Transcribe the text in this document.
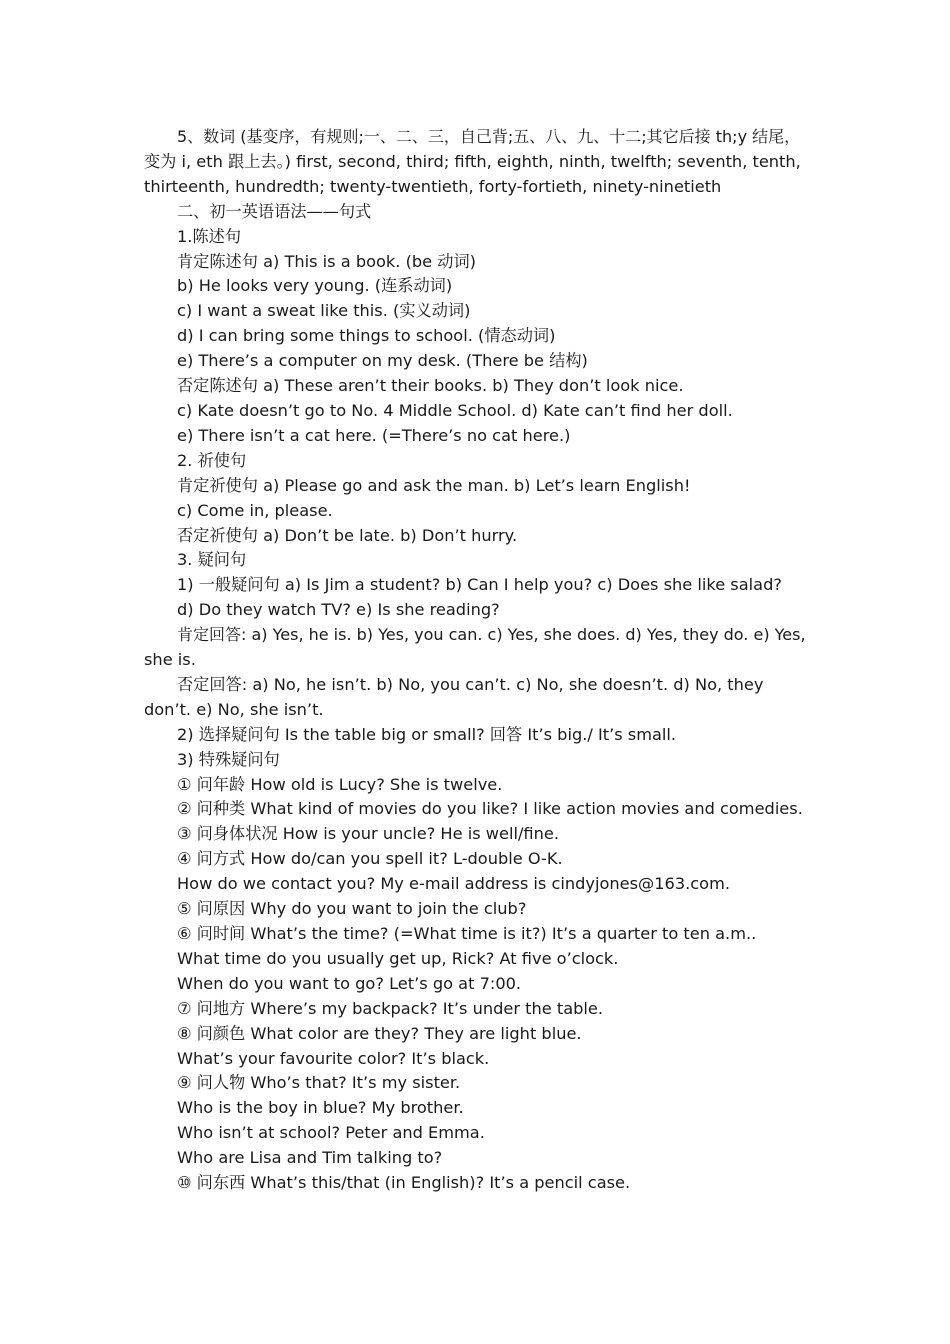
5、数词 (基变序，有规则;一、二、三，自己背;五、八、九、十二;其它后接 th;y 结尾，
变为 i, eth 跟上去。) first, second, third; fifth, eighth, ninth, twelfth; seventh, tenth,
thirteenth, hundredth; twenty-twentieth, forty-fortieth, ninety-ninetieth
二、初一英语语法——句式
1.陈述句
肯定陈述句 a) This is a book. (be 动词)
b) He looks very young. (连系动词)
c) I want a sweat like this. (实义动词)
d) I can bring some things to school. (情态动词)
e) There’s a computer on my desk. (There be 结构)
否定陈述句 a) These aren’t their books. b) They don’t look nice.
c) Kate doesn’t go to No. 4 Middle School. d) Kate can’t find her doll.
e) There isn’t a cat here. (=There’s no cat here.)
2. 祈使句
肯定祈使句 a) Please go and ask the man. b) Let’s learn English!
c) Come in, please.
否定祈使句 a) Don’t be late. b) Don’t hurry.
3. 疑问句
1) 一般疑问句 a) Is Jim a student? b) Can I help you? c) Does she like salad?
d) Do they watch TV? e) Is she reading?
肯定回答: a) Yes, he is. b) Yes, you can. c) Yes, she does. d) Yes, they do. e) Yes,
she is.
否定回答: a) No, he isn’t. b) No, you can’t. c) No, she doesn’t. d) No, they
don’t. e) No, she isn’t.
2) 选择疑问句 Is the table big or small? 回答 It’s big./ It’s small.
3) 特殊疑问句
① 问年龄 How old is Lucy? She is twelve.
② 问种类 What kind of movies do you like? I like action movies and comedies.
③ 问身体状况 How is your uncle? He is well/fine.
④ 问方式 How do/can you spell it? L-double O-K.
How do we contact you? My e-mail address is cindyjones@163.com.
⑤ 问原因 Why do you want to join the club?
⑥ 问时间 What’s the time? (=What time is it?) It’s a quarter to ten a.m..
What time do you usually get up, Rick? At five o’clock.
When do you want to go? Let’s go at 7:00.
⑦ 问地方 Where’s my backpack? It’s under the table.
⑧ 问颜色 What color are they? They are light blue.
What’s your favourite color? It’s black.
⑨ 问人物 Who’s that? It’s my sister.
Who is the boy in blue? My brother.
Who isn’t at school? Peter and Emma.
Who are Lisa and Tim talking to?
⑩ 问东西 What’s this/that (in English)? It’s a pencil case.
